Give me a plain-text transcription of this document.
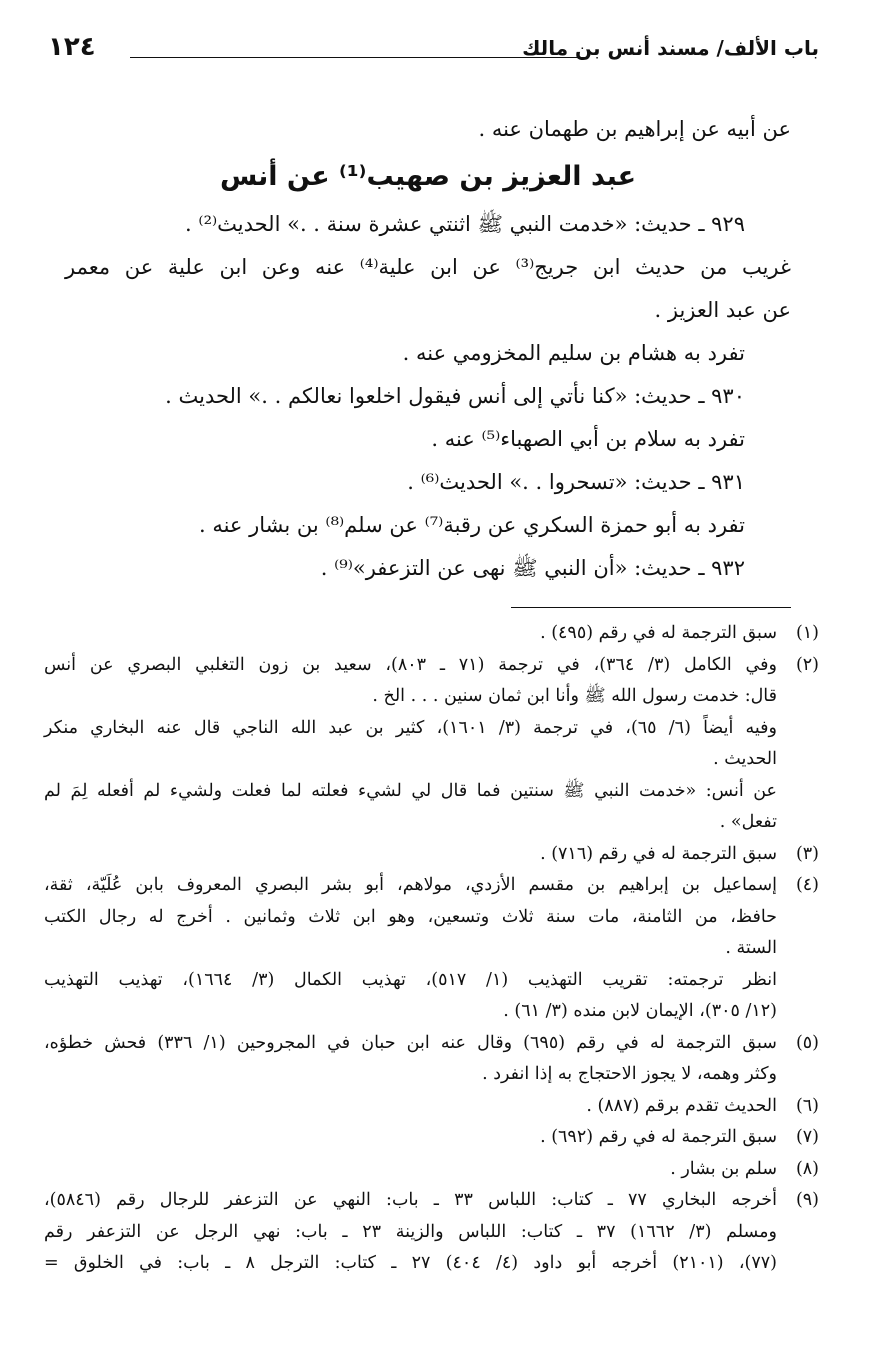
باب الألف/ مسند أنس بن مالك
١٢٤
عن أبيه عن إبراهيم بن طهمان عنه .
عبد العزيز بن صهيب⁽¹⁾ عن أنس
٩٢٩ ـ حديث: «خدمت النبي ﷺ اثنتي عشرة سنة . .» الحديث⁽²⁾ .
غريب من حديث ابن جريج⁽³⁾ عن ابن علية⁽⁴⁾ عنه وعن ابن علية عن معمر
عن عبد العزيز .
تفرد به هشام بن سليم المخزومي عنه .
٩٣٠ ـ حديث: «كنا نأتي إلى أنس فيقول اخلعوا نعالكم . .» الحديث .
تفرد به سلام بن أبي الصهباء⁽⁵⁾ عنه .
٩٣١ ـ حديث: «تسحروا . .» الحديث⁽⁶⁾ .
تفرد به أبو حمزة السكري عن رقبة⁽⁷⁾ عن سلم⁽⁸⁾ بن بشار عنه .
٩٣٢ ـ حديث: «أن النبي ﷺ نهى عن التزعفر»⁽⁹⁾ .
(١)
سبق الترجمة له في رقم (٤٩٥) .
(٢)
وفي الكامل (٣/ ٣٦٤)، في ترجمة (٧١ ـ ٨٠٣)، سعيد بن زون التغلبي البصري عن أنس
قال: خدمت رسول الله ﷺ وأنا ابن ثمان سنين . . . الخ .
وفيه أيضاً (٦/ ٦٥)، في ترجمة (٣/ ١٦٠١)، كثير بن عبد الله الناجي قال عنه البخاري منكر
الحديث .
عن أنس: «خدمت النبي ﷺ سنتين فما قال لي لشيء فعلته لما فعلت ولشيء لم أفعله لِمَ لم
تفعل» .
(٣)
سبق الترجمة له في رقم (٧١٦) .
(٤)
إسماعيل بن إبراهيم بن مقسم الأزدي، مولاهم، أبو بشر البصري المعروف بابن عُلَيّة، ثقة،
حافظ، من الثامنة، مات سنة ثلاث وتسعين، وهو ابن ثلاث وثمانين . أخرج له رجال الكتب
الستة .
انظر ترجمته: تقريب التهذيب (١/ ٥١٧)، تهذيب الكمال (٣/ ١٦٦٤)، تهذيب التهذيب
(١٢/ ٣٠٥)، الإيمان لابن منده (٣/ ٦١) .
(٥)
سبق الترجمة له في رقم (٦٩٥) وقال عنه ابن حبان في المجروحين (١/ ٣٣٦) فحش خطؤه،
وكثر وهمه، لا يجوز الاحتجاج به إذا انفرد .
(٦)
الحديث تقدم برقم (٨٨٧) .
(٧)
سبق الترجمة له في رقم (٦٩٢) .
(٨)
سلم بن بشار .
(٩)
أخرجه البخاري ٧٧ ـ كتاب: اللباس ٣٣ ـ باب: النهي عن التزعفر للرجال رقم (٥٨٤٦)،
ومسلم (٣/ ١٦٦٢) ٣٧ ـ كتاب: اللباس والزينة ٢٣ ـ باب: نهي الرجل عن التزعفر رقم
(٧٧)، (٢١٠١) أخرجه أبو داود (٤/ ٤٠٤) ٢٧ ـ كتاب: الترجل ٨ ـ باب: في الخلوق =
